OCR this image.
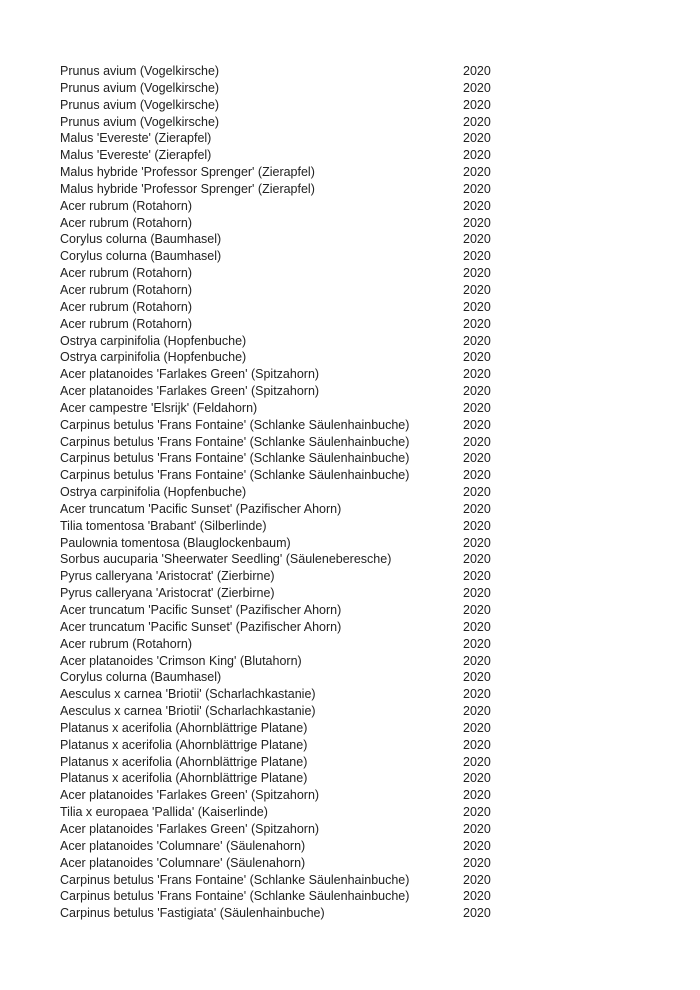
Prunus avium (Vogelkirsche)	2020
Prunus avium (Vogelkirsche)	2020
Prunus avium (Vogelkirsche)	2020
Prunus avium (Vogelkirsche)	2020
Malus 'Evereste' (Zierapfel)	2020
Malus 'Evereste' (Zierapfel)	2020
Malus hybride 'Professor Sprenger' (Zierapfel)	2020
Malus hybride 'Professor Sprenger' (Zierapfel)	2020
Acer rubrum (Rotahorn)	2020
Acer rubrum (Rotahorn)	2020
Corylus colurna (Baumhasel)	2020
Corylus colurna (Baumhasel)	2020
Acer rubrum (Rotahorn)	2020
Acer rubrum (Rotahorn)	2020
Acer rubrum (Rotahorn)	2020
Acer rubrum (Rotahorn)	2020
Ostrya carpinifolia (Hopfenbuche)	2020
Ostrya carpinifolia (Hopfenbuche)	2020
Acer platanoides 'Farlakes Green' (Spitzahorn)	2020
Acer platanoides 'Farlakes Green' (Spitzahorn)	2020
Acer campestre 'Elsrijk' (Feldahorn)	2020
Carpinus betulus 'Frans Fontaine' (Schlanke Säulenhainbuche)	2020
Carpinus betulus 'Frans Fontaine' (Schlanke Säulenhainbuche)	2020
Carpinus betulus 'Frans Fontaine' (Schlanke Säulenhainbuche)	2020
Carpinus betulus 'Frans Fontaine' (Schlanke Säulenhainbuche)	2020
Ostrya carpinifolia (Hopfenbuche)	2020
Acer truncatum 'Pacific Sunset' (Pazifischer Ahorn)	2020
Tilia tomentosa 'Brabant' (Silberlinde)	2020
Paulownia tomentosa (Blauglockenbaum)	2020
Sorbus aucuparia 'Sheerwater Seedling' (Säuleneberesche)	2020
Pyrus calleryana 'Aristocrat' (Zierbirne)	2020
Pyrus calleryana 'Aristocrat' (Zierbirne)	2020
Acer truncatum 'Pacific Sunset' (Pazifischer Ahorn)	2020
Acer truncatum 'Pacific Sunset' (Pazifischer Ahorn)	2020
Acer rubrum (Rotahorn)	2020
Acer platanoides 'Crimson King' (Blutahorn)	2020
Corylus colurna (Baumhasel)	2020
Aesculus x carnea 'Briotii' (Scharlachkastanie)	2020
Aesculus x carnea 'Briotii' (Scharlachkastanie)	2020
Platanus x acerifolia (Ahornblättrige Platane)	2020
Platanus x acerifolia (Ahornblättrige Platane)	2020
Platanus x acerifolia (Ahornblättrige Platane)	2020
Platanus x acerifolia (Ahornblättrige Platane)	2020
Acer platanoides 'Farlakes Green' (Spitzahorn)	2020
Tilia x europaea 'Pallida' (Kaiserlinde)	2020
Acer platanoides 'Farlakes Green' (Spitzahorn)	2020
Acer platanoides 'Columnare' (Säulenahorn)	2020
Acer platanoides 'Columnare' (Säulenahorn)	2020
Carpinus betulus 'Frans Fontaine' (Schlanke Säulenhainbuche)	2020
Carpinus betulus 'Frans Fontaine' (Schlanke Säulenhainbuche)	2020
Carpinus betulus 'Fastigiata' (Säulenhainbuche)	2020
